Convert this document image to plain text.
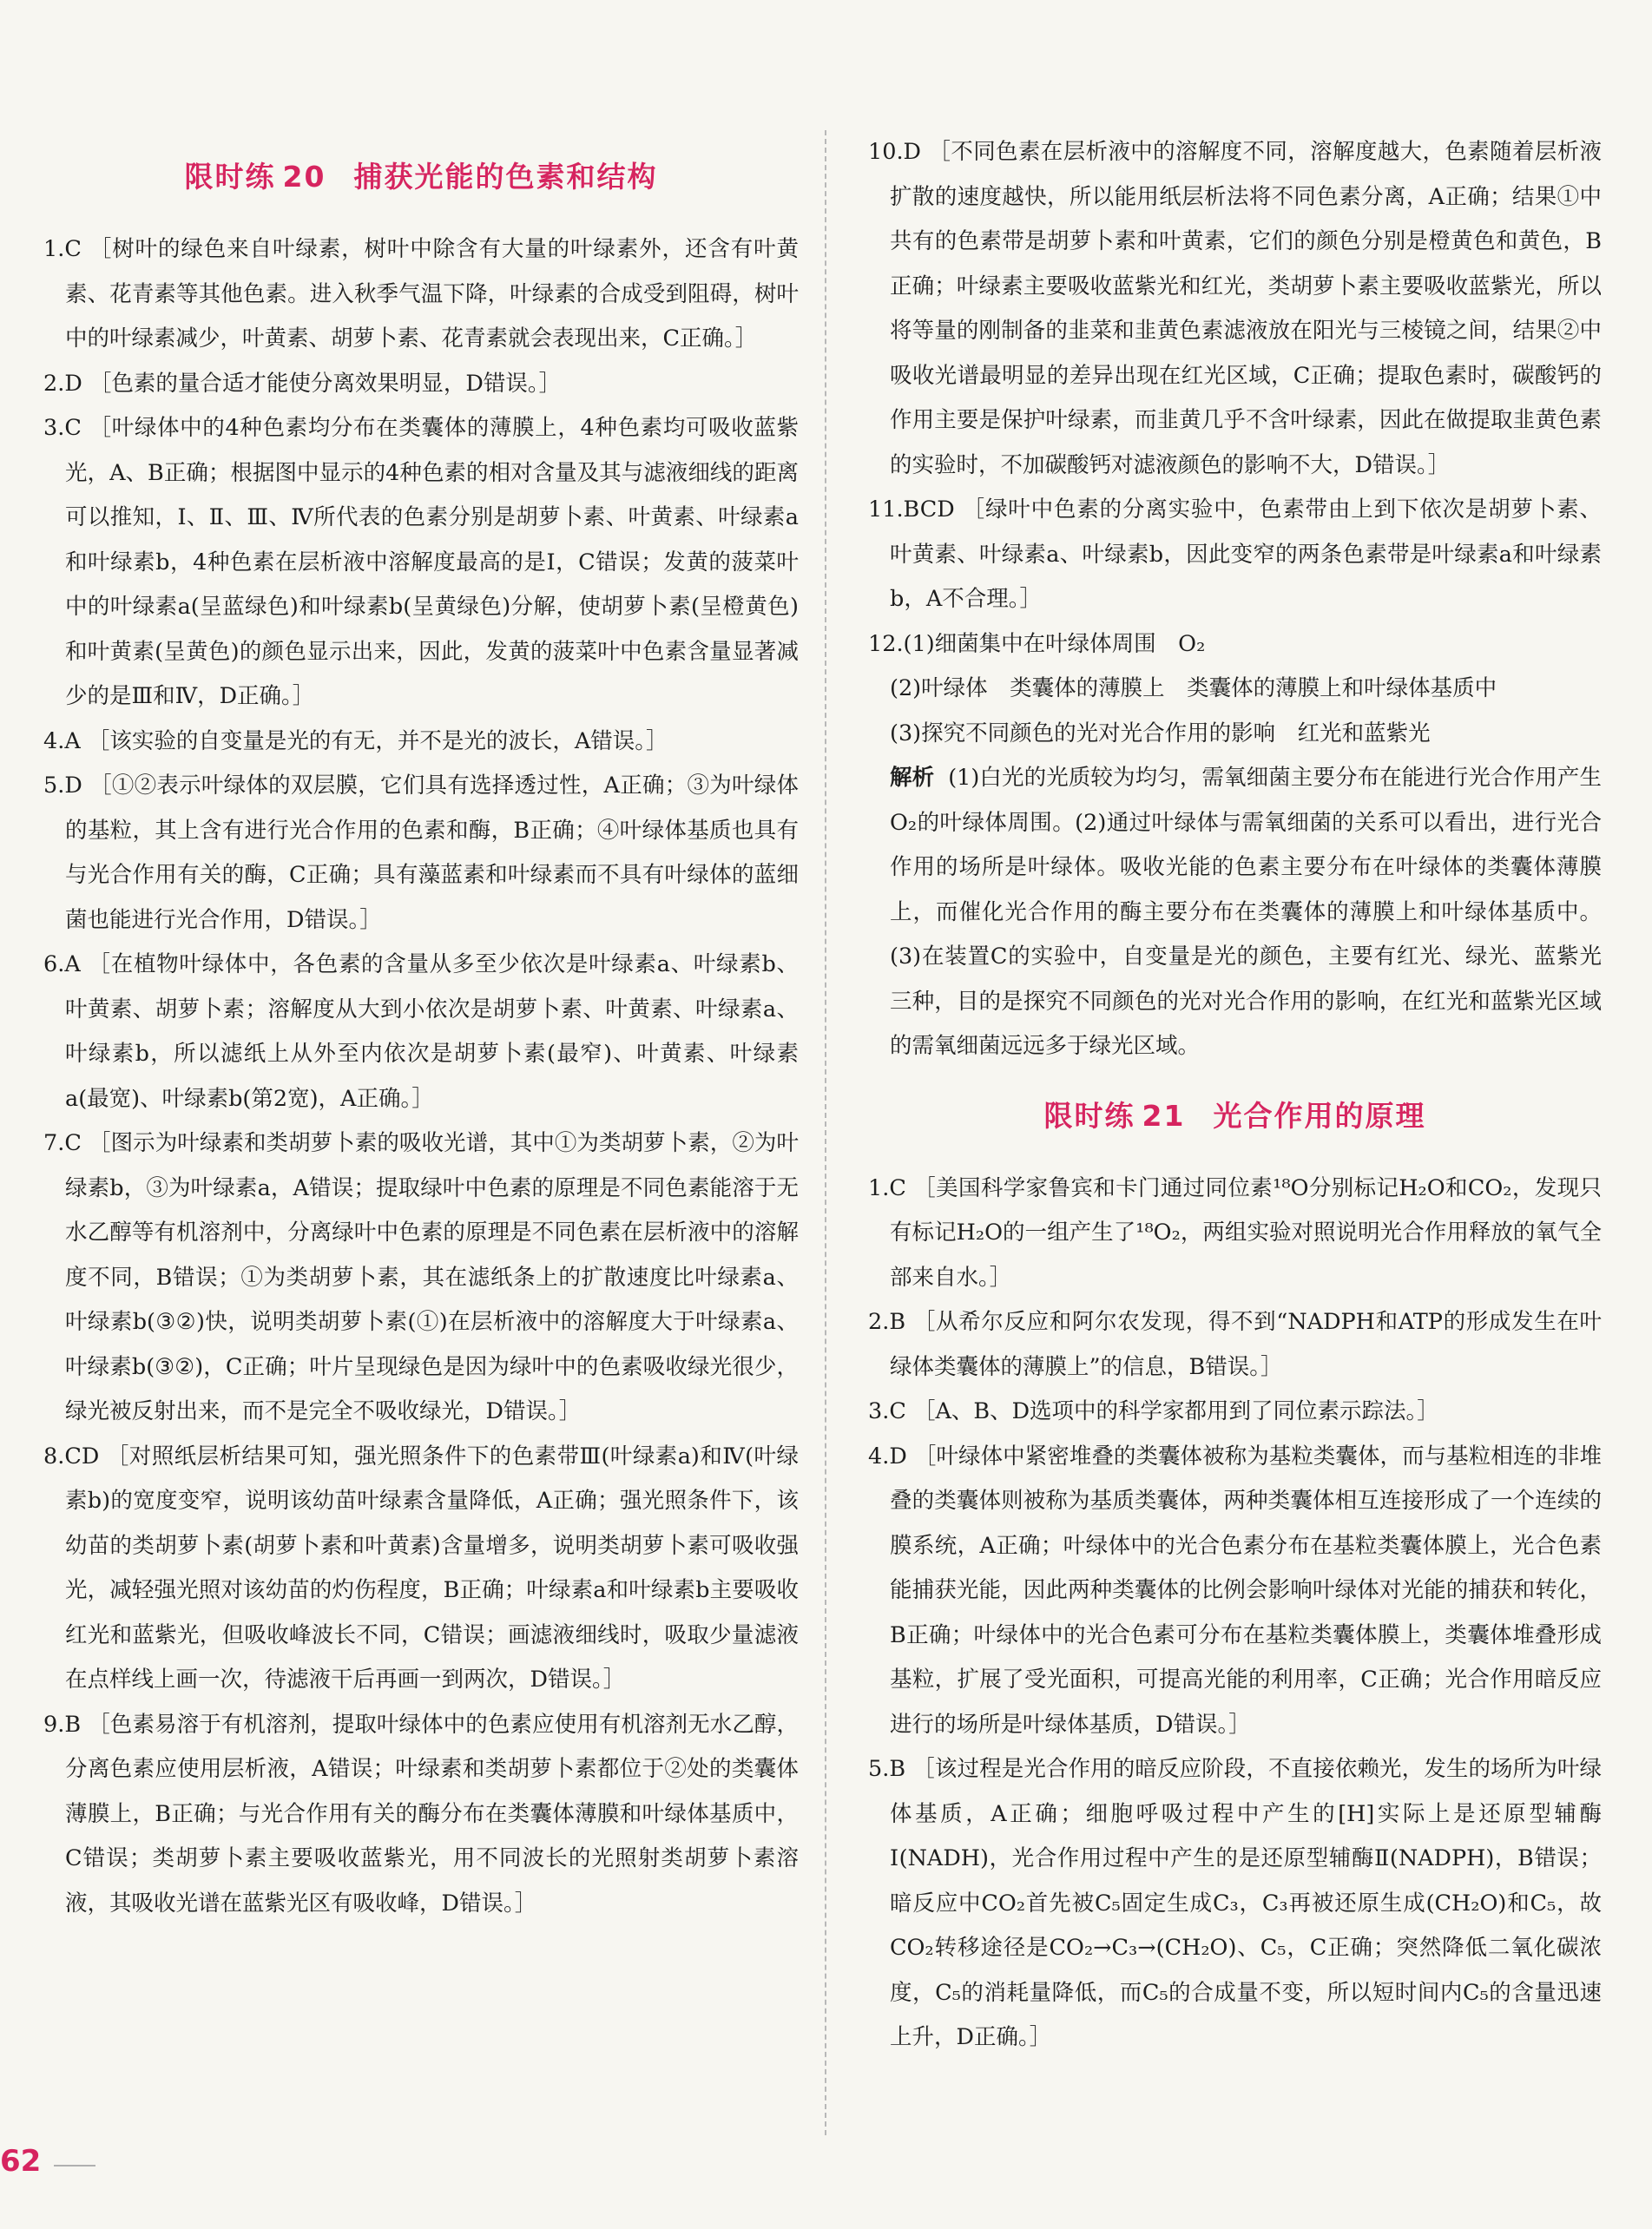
限时练 20 捕获光能的色素和结构

1.C ［树叶的绿色来自叶绿素，树叶中除含有大量的叶绿素外，还含有叶黄素、花青素等其他色素。进入秋季气温下降，叶绿素的合成受到阻碍，树叶中的叶绿素减少，叶黄素、胡萝卜素、花青素就会表现出来，C正确。］

2.D ［色素的量合适才能使分离效果明显，D错误。］

3.C ［叶绿体中的4种色素均分布在类囊体的薄膜上，4种色素均可吸收蓝紫光，A、B正确；根据图中显示的4种色素的相对含量及其与滤液细线的距离可以推知，Ⅰ、Ⅱ、Ⅲ、Ⅳ所代表的色素分别是胡萝卜素、叶黄素、叶绿素a和叶绿素b，4种色素在层析液中溶解度最高的是Ⅰ，C错误；发黄的菠菜叶中的叶绿素a(呈蓝绿色)和叶绿素b(呈黄绿色)分解，使胡萝卜素(呈橙黄色)和叶黄素(呈黄色)的颜色显示出来，因此，发黄的菠菜叶中色素含量显著减少的是Ⅲ和Ⅳ，D正确。］

4.A ［该实验的自变量是光的有无，并不是光的波长，A错误。］

5.D ［①②表示叶绿体的双层膜，它们具有选择透过性，A正确；③为叶绿体的基粒，其上含有进行光合作用的色素和酶，B正确；④叶绿体基质也具有与光合作用有关的酶，C正确；具有藻蓝素和叶绿素而不具有叶绿体的蓝细菌也能进行光合作用，D错误。］

6.A ［在植物叶绿体中，各色素的含量从多至少依次是叶绿素a、叶绿素b、叶黄素、胡萝卜素；溶解度从大到小依次是胡萝卜素、叶黄素、叶绿素a、叶绿素b，所以滤纸上从外至内依次是胡萝卜素(最窄)、叶黄素、叶绿素a(最宽)、叶绿素b(第2宽)，A正确。］

7.C ［图示为叶绿素和类胡萝卜素的吸收光谱，其中①为类胡萝卜素，②为叶绿素b，③为叶绿素a，A错误；提取绿叶中色素的原理是不同色素能溶于无水乙醇等有机溶剂中，分离绿叶中色素的原理是不同色素在层析液中的溶解度不同，B错误；①为类胡萝卜素，其在滤纸条上的扩散速度比叶绿素a、叶绿素b(③②)快，说明类胡萝卜素(①)在层析液中的溶解度大于叶绿素a、叶绿素b(③②)，C正确；叶片呈现绿色是因为绿叶中的色素吸收绿光很少，绿光被反射出来，而不是完全不吸收绿光，D错误。］

8.CD ［对照纸层析结果可知，强光照条件下的色素带Ⅲ(叶绿素a)和Ⅳ(叶绿素b)的宽度变窄，说明该幼苗叶绿素含量降低，A正确；强光照条件下，该幼苗的类胡萝卜素(胡萝卜素和叶黄素)含量增多，说明类胡萝卜素可吸收强光，减轻强光照对该幼苗的灼伤程度，B正确；叶绿素a和叶绿素b主要吸收红光和蓝紫光，但吸收峰波长不同，C错误；画滤液细线时，吸取少量滤液在点样线上画一次，待滤液干后再画一到两次，D错误。］

9.B ［色素易溶于有机溶剂，提取叶绿体中的色素应使用有机溶剂无水乙醇，分离色素应使用层析液，A错误；叶绿素和类胡萝卜素都位于②处的类囊体薄膜上，B正确；与光合作用有关的酶分布在类囊体薄膜和叶绿体基质中，C错误；类胡萝卜素主要吸收蓝紫光，用不同波长的光照射类胡萝卜素溶液，其吸收光谱在蓝紫光区有吸收峰，D错误。］

10.D ［不同色素在层析液中的溶解度不同，溶解度越大，色素随着层析液扩散的速度越快，所以能用纸层析法将不同色素分离，A正确；结果①中共有的色素带是胡萝卜素和叶黄素，它们的颜色分别是橙黄色和黄色，B正确；叶绿素主要吸收蓝紫光和红光，类胡萝卜素主要吸收蓝紫光，所以将等量的刚制备的韭菜和韭黄色素滤液放在阳光与三棱镜之间，结果②中吸收光谱最明显的差异出现在红光区域，C正确；提取色素时，碳酸钙的作用主要是保护叶绿素，而韭黄几乎不含叶绿素，因此在做提取韭黄色素的实验时，不加碳酸钙对滤液颜色的影响不大，D错误。］

11.BCD ［绿叶中色素的分离实验中，色素带由上到下依次是胡萝卜素、叶黄素、叶绿素a、叶绿素b，因此变窄的两条色素带是叶绿素a和叶绿素b，A不合理。］

12.(1)细菌集中在叶绿体周围　O₂

(2)叶绿体　类囊体的薄膜上　类囊体的薄膜上和叶绿体基质中

(3)探究不同颜色的光对光合作用的影响　红光和蓝紫光

解析 (1)白光的光质较为均匀，需氧细菌主要分布在能进行光合作用产生O₂的叶绿体周围。(2)通过叶绿体与需氧细菌的关系可以看出，进行光合作用的场所是叶绿体。吸收光能的色素主要分布在叶绿体的类囊体薄膜上，而催化光合作用的酶主要分布在类囊体的薄膜上和叶绿体基质中。(3)在装置C的实验中，自变量是光的颜色，主要有红光、绿光、蓝紫光三种，目的是探究不同颜色的光对光合作用的影响，在红光和蓝紫光区域的需氧细菌远远多于绿光区域。

限时练 21 光合作用的原理

1.C ［美国科学家鲁宾和卡门通过同位素¹⁸O分别标记H₂O和CO₂，发现只有标记H₂O的一组产生了¹⁸O₂，两组实验对照说明光合作用释放的氧气全部来自水。］

2.B ［从希尔反应和阿尔农发现，得不到“NADPH和ATP的形成发生在叶绿体类囊体的薄膜上”的信息，B错误。］

3.C ［A、B、D选项中的科学家都用到了同位素示踪法。］

4.D ［叶绿体中紧密堆叠的类囊体被称为基粒类囊体，而与基粒相连的非堆叠的类囊体则被称为基质类囊体，两种类囊体相互连接形成了一个连续的膜系统，A正确；叶绿体中的光合色素分布在基粒类囊体膜上，光合色素能捕获光能，因此两种类囊体的比例会影响叶绿体对光能的捕获和转化，B正确；叶绿体中的光合色素可分布在基粒类囊体膜上，类囊体堆叠形成基粒，扩展了受光面积，可提高光能的利用率，C正确；光合作用暗反应进行的场所是叶绿体基质，D错误。］

5.B ［该过程是光合作用的暗反应阶段，不直接依赖光，发生的场所为叶绿体基质，A正确；细胞呼吸过程中产生的[H]实际上是还原型辅酶Ⅰ(NADH)，光合作用过程中产生的是还原型辅酶Ⅱ(NADPH)，B错误；暗反应中CO₂首先被C₅固定生成C₃，C₃再被还原生成(CH₂O)和C₅，故CO₂转移途径是CO₂→C₃→(CH₂O)、C₅，C正确；突然降低二氧化碳浓度，C₅的消耗量降低，而C₅的合成量不变，所以短时间内C₅的含量迅速上升，D正确。］

62
